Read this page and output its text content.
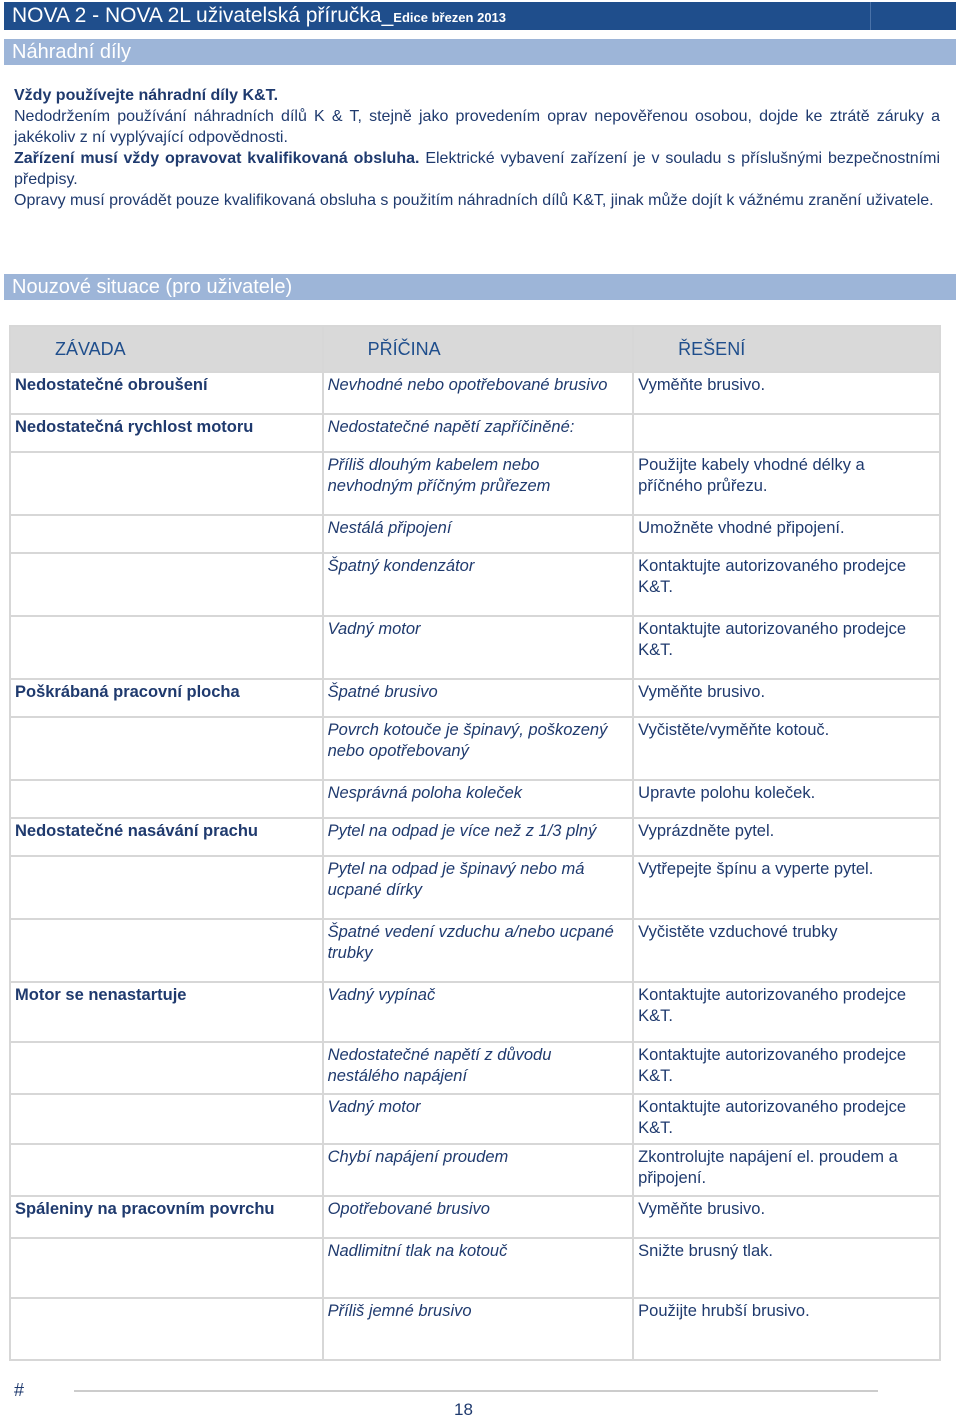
NOVA 2 - NOVA 2L uživatelská příručka_Edice březen 2013
Náhradní díly

Vždy používejte náhradní díly K&T.

Nedodržením používání náhradních dílů K & T, stejně jako provedením oprav nepověřenou osobou, dojde ke ztrátě záruky a jakékoliv z ní vyplývající odpovědnosti.

Zařízení musí vždy opravovat kvalifikovaná obsluha. Elektrické vybavení zařízení je v souladu s příslušnými bezpečnostními předpisy.

Opravy musí provádět pouze kvalifikovaná obsluha s použitím náhradních dílů K&T, jinak může dojít k vážnému zranění uživatele.

Nouzové situace (pro uživatele)
ZÁVADA	PŘÍČINA	ŘEŠENÍ
Nedostatečné obroušení	Nevhodné nebo opotřebované brusivo	Vyměňte brusivo.
Nedostatečná rychlost motoru	Nedostatečné napětí zapříčiněné:	
	Příliš dlouhým kabelem nebo nevhodným příčným průřezem	Použijte kabely vhodné délky a příčného průřezu.
	Nestálá připojení	Umožněte vhodné připojení.
	Špatný kondenzátor	Kontaktujte autorizovaného prodejce K&T.
	Vadný motor	Kontaktujte autorizovaného prodejce K&T.
Poškrábaná pracovní plocha	Špatné brusivo	Vyměňte brusivo.
	Povrch kotouče je špinavý, poškozený nebo opotřebovaný	Vyčistěte/vyměňte kotouč.
	Nesprávná poloha koleček	Upravte polohu koleček.
Nedostatečné nasávání prachu	Pytel na odpad je více než z 1/3 plný	Vyprázdněte pytel.
	Pytel na odpad je špinavý nebo má ucpané dírky	Vytřepejte špínu a vyperte pytel.
	Špatné vedení vzduchu a/nebo ucpané trubky	Vyčistěte vzduchové trubky
Motor se nenastartuje	Vadný vypínač	Kontaktujte autorizovaného prodejce K&T.
	Nedostatečné napětí z důvodu nestálého napájení	Kontaktujte autorizovaného prodejce K&T.
	Vadný motor	Kontaktujte autorizovaného prodejce K&T.
	Chybí napájení proudem	Zkontrolujte napájení el. proudem a připojení.
Spáleniny na pracovním povrchu	Opotřebované brusivo	Vyměňte brusivo.
	Nadlimitní tlak na kotouč	Snižte brusný tlak.
	Příliš jemné brusivo	Použijte hrubší brusivo.
#
18
